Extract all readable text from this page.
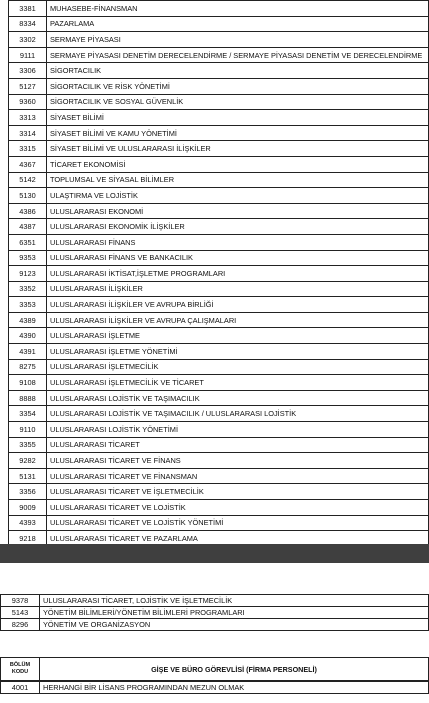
3381	MUHASEBE-FİNANSMAN
8334	PAZARLAMA
3302	SERMAYE PİYASASI
9111	SERMAYE PİYASASI DENETİM DERECELENDİRME / SERMAYE PİYASASI DENETİM VE DERECELENDİRME
3306	SİGORTACILIK
5127	SİGORTACILIK VE RİSK YÖNETİMİ
9360	SİGORTACILIK VE SOSYAL GÜVENLİK
3313	SİYASET BİLİMİ
3314	SİYASET BİLİMİ VE KAMU YÖNETİMİ
3315	SİYASET BİLİMİ VE ULUSLARARASI İLİŞKİLER
4367	TİCARET EKONOMİSİ
5142	TOPLUMSAL VE SİYASAL BİLİMLER
5130	ULAŞTIRMA VE LOJİSTİK
4386	ULUSLARARASI EKONOMİ
4387	ULUSLARARASI EKONOMİK İLİŞKİLER
6351	ULUSLARARASI FİNANS
9353	ULUSLARARASI FİNANS VE BANKACILIK
9123	ULUSLARARASI İKTİSAT,İŞLETME PROGRAMLARI
3352	ULUSLARARASI İLİŞKİLER
3353	ULUSLARARASI İLİŞKİLER VE AVRUPA BİRLİĞİ
4389	ULUSLARARASI İLİŞKİLER VE AVRUPA ÇALIŞMALARI
4390	ULUSLARARASI İŞLETME
4391	ULUSLARARASI İŞLETME YÖNETİMİ
8275	ULUSLARARASI İŞLETMECİLİK
9108	ULUSLARARASI İŞLETMECİLİK VE TİCARET
8888	ULUSLARARASI LOJİSTİK VE TAŞIMACILIK
3354	ULUSLARARASI LOJİSTİK VE TAŞIMACILIK / ULUSLARARASI LOJİSTİK
9110	ULUSLARARASI LOJİSTİK YÖNETİMİ
3355	ULUSLARARASI TİCARET
9282	ULUSLARARASI TİCARET VE FİNANS
5131	ULUSLARARASI TİCARET VE FİNANSMAN
3356	ULUSLARARASI TİCARET VE İŞLETMECİLİK
9009	ULUSLARARASI TİCARET VE LOJİSTİK
4393	ULUSLARARASI TİCARET VE LOJİSTİK YÖNETİMİ
9218	ULUSLARARASI TİCARET VE PAZARLAMA
9378	ULUSLARARASI TİCARET, LOJİSTİK VE İŞLETMECİLİK
5143	YÖNETİM BİLİMLERİ/YÖNETİM BİLİMLERİ PROGRAMLARI
8296	YÖNETİM VE ORGANİZASYON
BÖLÜM
KODU	GİŞE VE BÜRO GÖREVLİSİ (FİRMA PERSONELİ)
4001	HERHANGİ BİR LİSANS PROGRAMINDAN MEZUN OLMAK
